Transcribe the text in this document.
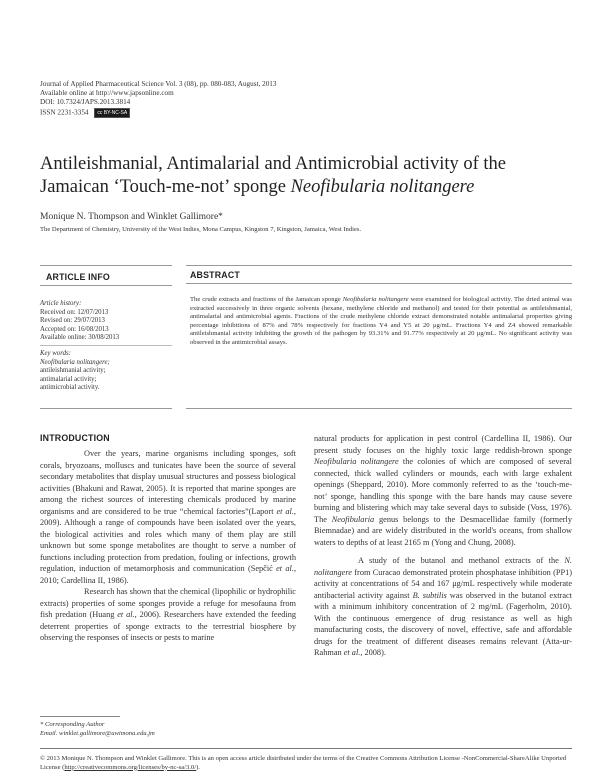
Journal of Applied Pharmaceutical Science Vol. 3 (08), pp. 080-083, August, 2013
Available online at http://www.japsonline.com
DOI: 10.7324/JAPS.2013.3814
ISSN 2231-3354 cc BY-NC-SA
Antileishmanial, Antimalarial and Antimicrobial activity of the Jamaican ‘Touch-me-not’ sponge Neofibularia nolitangere
Monique N. Thompson and Winklet Gallimore*
The Department of Chemistry, University of the West Indies, Mona Campus, Kingston 7, Kingston, Jamaica, West Indies.
ARTICLE INFO	ABSTRACT
Article history:
Received on: 12/07/2013
Revised on: 29/07/2013
Accepted on: 16/08/2013
Available online: 30/08/2013
Key words:
Neofibularia nolitangere;
antileishmanial activity;
antimalarial activity;
antimicrobial activity.
The crude extracts and fractions of the Jamaican sponge Neofibularia nolitangere were examined for biological activity. The dried animal was extracted successively in three organic solvents (hexane, methylene chloride and methanol) and tested for their potential as antileishmanial, antimalarial and antimicrobial agents. Fractions of the crude methylene chloride extract demonstrated notable antimalarial properties giving percentage inhibitions of 87% and 78% respectively for fractions Y4 and Y5 at 20 μg/mL. Fractions Y4 and Z4 showed remarkable antileishmanial activity inhibiting the growth of the pathogen by 93.31% and 91.77% respectively at 20 μg/mL. No significant activity was observed in the antimicrobial assays.
INTRODUCTION

Over the years, marine organisms including sponges, soft corals, bryozoans, molluscs and tunicates have been the source of several secondary metabolites that display unusual structures and possess biological activities (Bhakuni and Rawat, 2005). It is reported that marine sponges are among the richest sources of interesting chemicals produced by marine organisms and are considered to be true “chemical factories”(Laport et al., 2009). Although a range of compounds have been isolated over the years, the biological activities and roles which many of them play are still unknown but some sponge metabolites are thought to serve a number of functions including protection from predation, fouling or infections, growth regulation, induction of metamorphosis and communication (Sepčić et al., 2010; Cardellina II, 1986).

Research has shown that the chemical (lipophilic or hydrophilic extracts) properties of some sponges provide a refuge for mesofauna from fish predation (Huang et al., 2006). Researchers have extended the feeding deterrent properties of sponge extracts to the terrestrial biosphere by observing the responses of insects or pests to marine

natural products for application in pest control (Cardellina II, 1986). Our present study focuses on the highly toxic large reddish-brown sponge Neofibularia nolitangere the colonies of which are composed of several connected, thick walled cylinders or mounds, each with large exhalent openings (Sheppard, 2010). More commonly referred to as the ‘touch-me-not’ sponge, handling this sponge with the bare hands may cause severe burning and blistering which may take several days to subside (Voss, 1976). The Neofibularia genus belongs to the Desmacellidae family (formerly Biemnadae) and are widely distributed in the world's oceans, from shallow waters to depths of at least 2165 m (Yong and Chung, 2008).

A study of the butanol and methanol extracts of the N. nolitangere from Curacao demonstrated protein phosphatase inhibition (PP1) activity at concentrations of 54 and 167 μg/mL respectively while moderate antibacterial activity against B. subtilis was observed in the butanol extract with a minimum inhibitory concentration of 2 mg/mL (Fagerholm, 2010). With the continuous emergence of drug resistance as well as high manufacturing costs, the discovery of novel, effective, safe and affordable drugs for the treatment of different diseases remains relevant (Atta-ur-Rahman et al., 2008).

* Corresponding Author
Email. winklet.gallimore@uwimona.edu.jm
© 2013 Monique N. Thompson and Winklet Gallimore. This is an open access article distributed under the terms of the Creative Commons Attribution License -NonCommercial-ShareAlike Unported License (http://creativecommons.org/licenses/by-nc-sa/3.0/).
